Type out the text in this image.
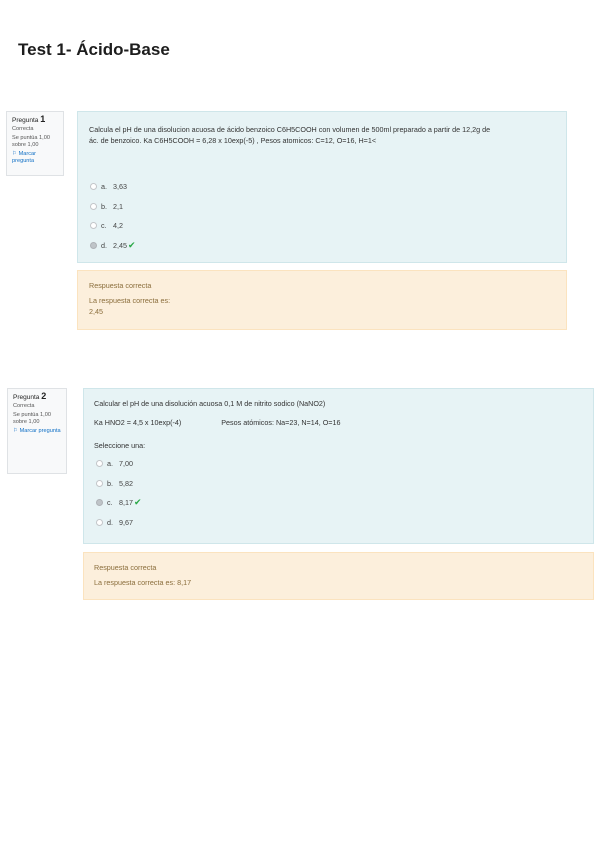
Test 1- Ácido-Base
Pregunta 1
Correcta
Se puntúa 1,00 sobre 1,00
⚐ Marcar pregunta

Calcula el pH de una disolucion acuosa de ácido benzoico C6H5COOH con volumen de 500ml preparado a partir de 12,2g de

ác. de benzoico. Ka C6H5COOH = 6,28 x 10exp(-5) , Pesos atomicos: C=12, O=16, H=1<

a. 3,63
b. 2,1
c. 4,2
d. 2,45 ✔

Respuesta correcta

La respuesta correcta es:

2,45

Pregunta 2
Correcta
Se puntúa 1,00 sobre 1,00
⚐ Marcar pregunta

Calcular el pH de una disolución acuosa 0,1 M de nitrito sodico (NaNO2)

Ka HNO2 = 4,5 x 10exp(-4)                    Pesos atómicos: Na=23, N=14, O=16

Seleccione una:

a. 7,00
b. 5,82
c. 8,17 ✔
d. 9,67

Respuesta correcta

La respuesta correcta es: 8,17
